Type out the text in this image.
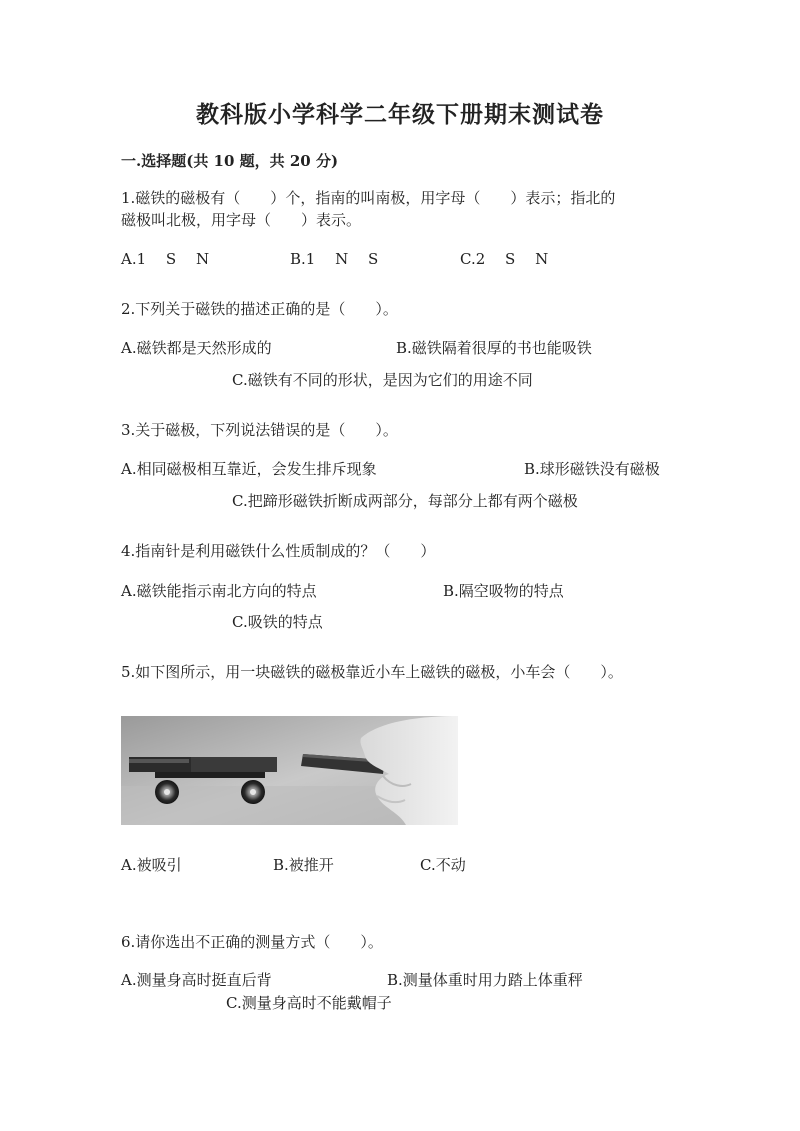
教科版小学科学二年级下册期末测试卷
一.选择题(共 10 题，共 20 分)
1.磁铁的磁极有（　　）个，指南的叫南极，用字母（　　）表示；指北的
磁极叫北极，用字母（　　）表示。
A.1　 S　 N	B.1　 N　 S	C.2　 S　 N
2.下列关于磁铁的描述正确的是（　　）。
A.磁铁都是天然形成的	B.磁铁隔着很厚的书也能吸铁
C.磁铁有不同的形状，是因为它们的用途不同
3.关于磁极，下列说法错误的是（　　）。
A.相同磁极相互靠近，会发生排斥现象	B.球形磁铁没有磁极
C.把蹄形磁铁折断成两部分，每部分上都有两个磁极
4.指南针是利用磁铁什么性质制成的？（　　）
A.磁铁能指示南北方向的特点	B.隔空吸物的特点
C.吸铁的特点
5.如下图所示，用一块磁铁的磁极靠近小车上磁铁的磁极，小车会（　　）。
A.被吸引	B.被推开	C.不动
6.请你选出不正确的测量方式（　　）。
A.测量身高时挺直后背	B.测量体重时用力踏上体重秤
C.测量身高时不能戴帽子
